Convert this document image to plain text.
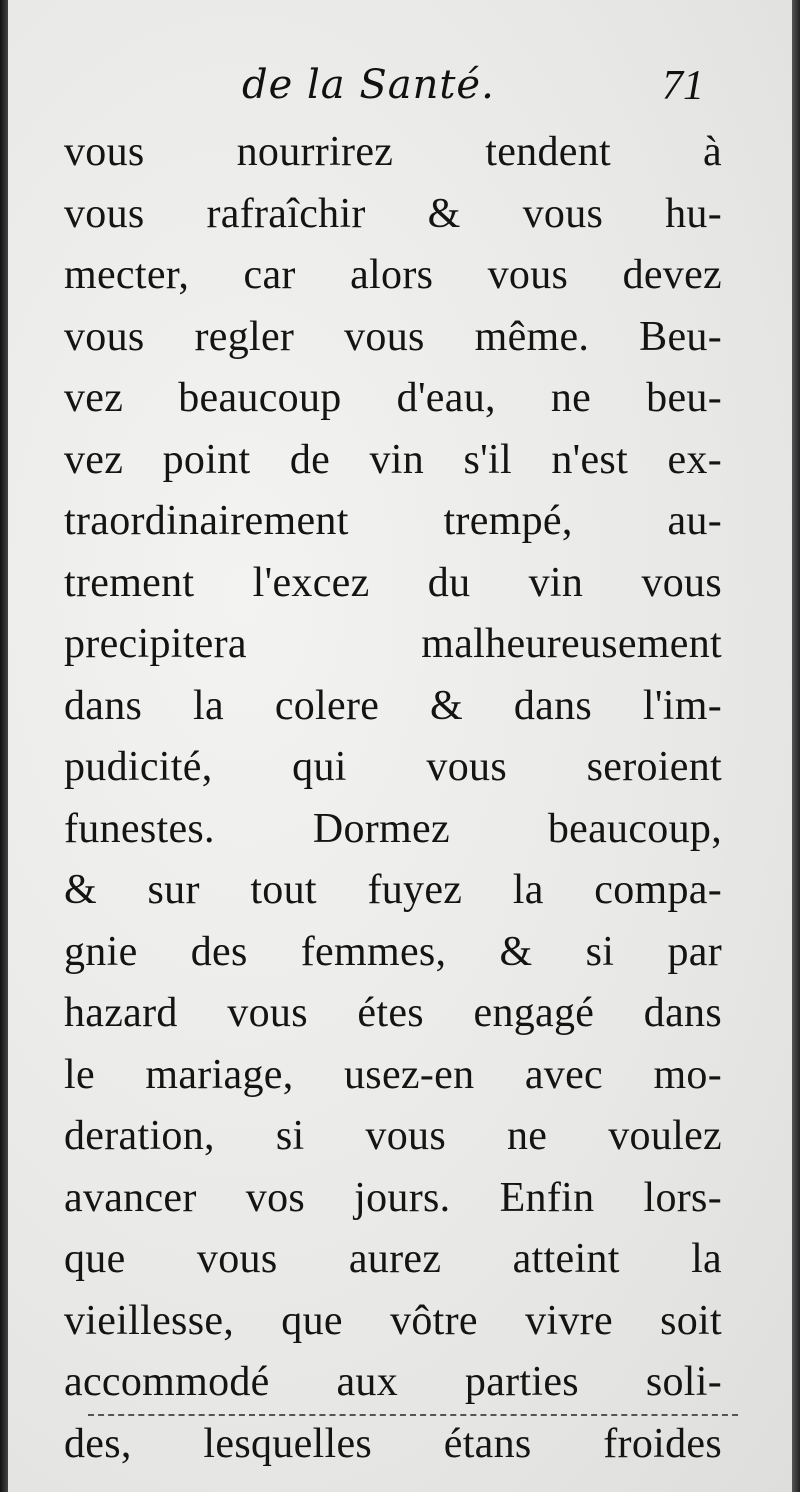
de la Santé.	71
vous nourrirez tendent à
vous rafraîchir & vous hu-
mecter, car alors vous devez
vous regler vous même. Beu-
vez beaucoup d'eau, ne beu-
vez point de vin s'il n'est ex-
traordinairement trempé, au-
trement l'excez du vin vous
precipitera malheureusement
dans la colere & dans l'im-
pudicité, qui vous seroient
funestes. Dormez beaucoup,
& sur tout fuyez la compa-
gnie des femmes, & si par
hazard vous étes engagé dans
le mariage, usez-en avec mo-
deration, si vous ne voulez
avancer vos jours. Enfin lors-
que vous aurez atteint la
vieillesse, que vôtre vivre soit
accommodé aux parties soli-
des, lesquelles étans froides
